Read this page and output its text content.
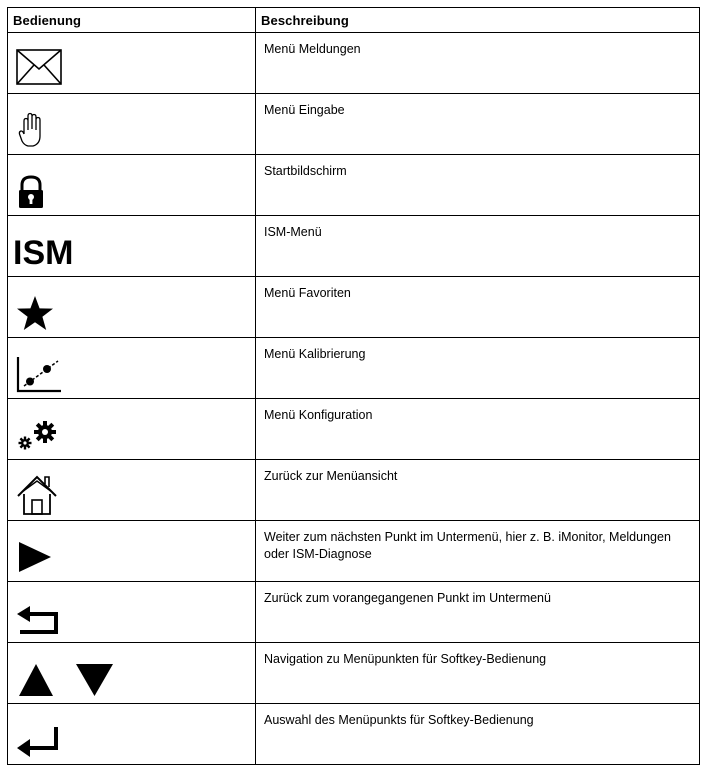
Bedienung	Beschreibung

	Menü Meldungen

	Menü Eingabe

	Startbildschirm

ISM	ISM-Menü

	Menü Favoriten

	Menü Kalibrierung

	Menü Konfiguration

	Zurück zur Menüansicht

	Weiter zum nächsten Punkt im Untermenü, hier z. B. iMonitor, Meldungen oder ISM-Diagnose

	Zurück zum vorangegangenen Punkt im Untermenü

	Navigation zu Menüpunkten für Softkey-Bedienung

	Auswahl des Menüpunkts für Softkey-Bedienung
